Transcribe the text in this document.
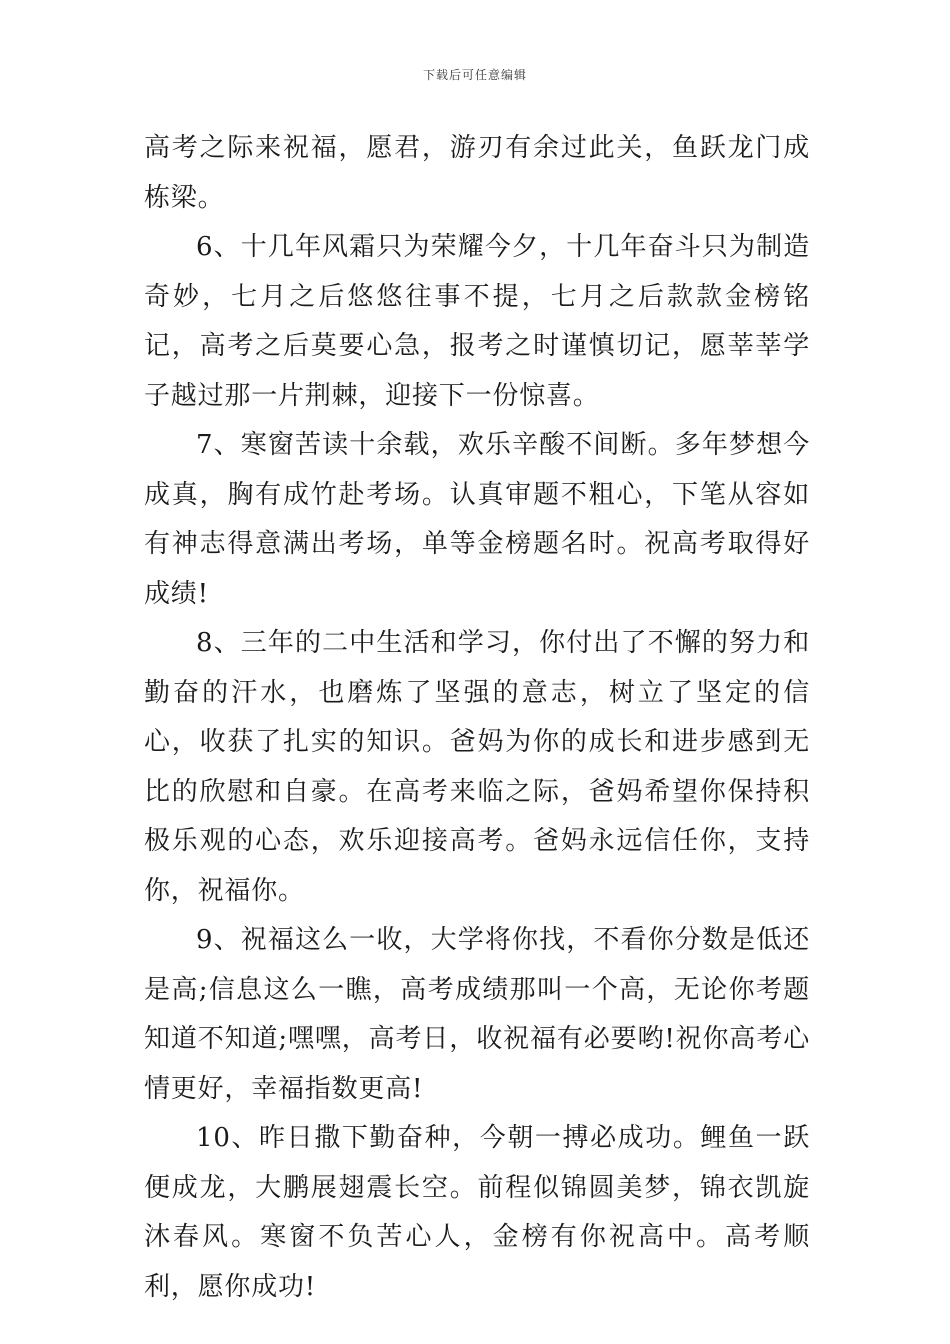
下载后可任意编辑

高考之际来祝福，愿君，游刃有余过此关，鱼跃龙门成栋梁。

6、十几年风霜只为荣耀今夕，十几年奋斗只为制造奇妙，七月之后悠悠往事不提，七月之后款款金榜铭记，高考之后莫要心急，报考之时谨慎切记，愿莘莘学子越过那一片荆棘，迎接下一份惊喜。

7、寒窗苦读十余载，欢乐辛酸不间断。多年梦想今成真，胸有成竹赴考场。认真审题不粗心，下笔从容如有神志得意满出考场，单等金榜题名时。祝高考取得好成绩!

8、三年的二中生活和学习，你付出了不懈的努力和勤奋的汗水，也磨炼了坚强的意志，树立了坚定的信心，收获了扎实的知识。爸妈为你的成长和进步感到无比的欣慰和自豪。在高考来临之际，爸妈希望你保持积极乐观的心态，欢乐迎接高考。爸妈永远信任你，支持你，祝福你。

9、祝福这么一收，大学将你找，不看你分数是低还是高;信息这么一瞧，高考成绩那叫一个高，无论你考题知道不知道;嘿嘿，高考日，收祝福有必要哟!祝你高考心情更好，幸福指数更高!

10、昨日撒下勤奋种，今朝一搏必成功。鲤鱼一跃便成龙，大鹏展翅震长空。前程似锦圆美梦，锦衣凯旋沐春风。寒窗不负苦心人，金榜有你祝高中。高考顺利，愿你成功!
